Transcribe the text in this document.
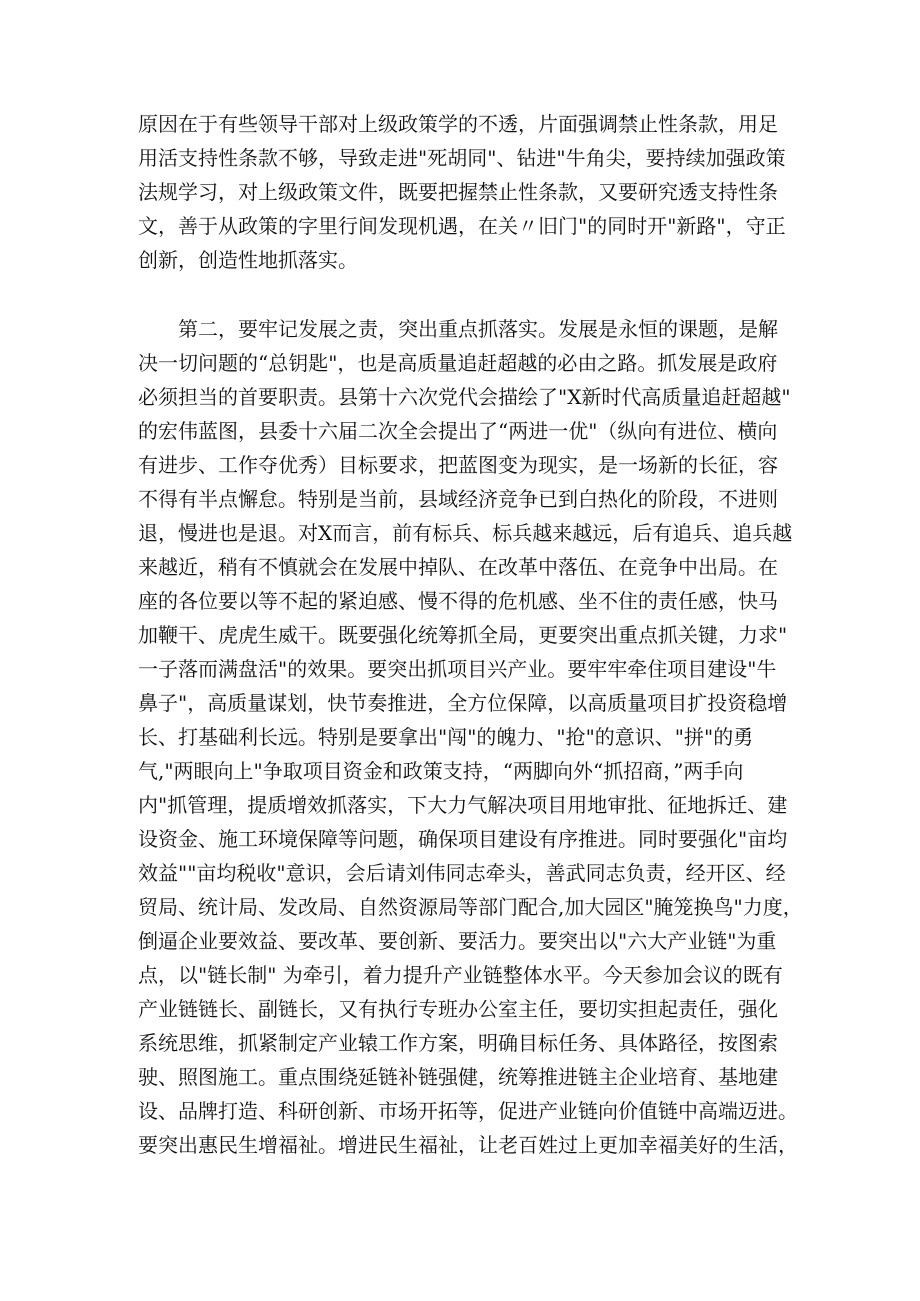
原因在于有些领导干部对上级政策学的不透，片面强调禁止性条款，用足
用活支持性条款不够，导致走进"死胡同"、钻进"牛角尖，要持续加强政策
法规学习，对上级政策文件，既要把握禁止性条款，又要研究透支持性条
文，善于从政策的字里行间发现机遇，在关〃旧门"的同时开"新路"，守正
创新，创造性地抓落实。
　　第二，要牢记发展之责，突出重点抓落实。发展是永恒的课题，是解
决一切问题的“总钥匙"，也是高质量追赶超越的必由之路。抓发展是政府
必须担当的首要职责。县第十六次党代会描绘了"X新时代高质量追赶超越"
的宏伟蓝图，县委十六届二次全会提出了“两进一优"（纵向有进位、横向
有进步、工作夺优秀）目标要求，把蓝图变为现实，是一场新的长征，容
不得有半点懈怠。特别是当前，县域经济竞争已到白热化的阶段，不进则
退，慢进也是退。对X而言，前有标兵、标兵越来越远，后有追兵、追兵越
来越近，稍有不慎就会在发展中掉队、在改革中落伍、在竞争中出局。在
座的各位要以等不起的紧迫感、慢不得的危机感、坐不住的责任感，快马
加鞭干、虎虎生威干。既要强化统筹抓全局，更要突出重点抓关键，力求"
一子落而满盘活"的效果。要突出抓项目兴产业。要牢牢牵住项目建设"牛
鼻子"，高质量谋划，快节奏推进，全方位保障，以高质量项目扩投资稳增
长、打基础利长远。特别是要拿出"闯"的魄力、"抢"的意识、"拼"的勇
气,"两眼向上"争取项目资金和政策支持，“两脚向外“抓招商，”两手向
内"抓管理，提质增效抓落实，下大力气解决项目用地审批、征地拆迁、建
设资金、施工环境保障等问题，确保项目建设有序推进。同时要强化"亩均
效益""亩均税收"意识，会后请刘伟同志牵头，善武同志负责，经开区、经
贸局、统计局、发改局、自然资源局等部门配合,加大园区"腌笼换鸟"力度，
倒逼企业要效益、要改革、要创新、要活力。要突出以"六大产业链"为重
点，以"链长制" 为牵引，着力提升产业链整体水平。今天参加会议的既有
产业链链长、副链长，又有执行专班办公室主任，要切实担起责任，强化
系统思维，抓紧制定产业辕工作方案，明确目标任务、具体路径，按图索
驶、照图施工。重点围绕延链补链强健，统筹推进链主企业培育、基地建
设、品牌打造、科研创新、市场开拓等，促进产业链向价值链中高端迈进。
要突出惠民生增福祉。增进民生福祉，让老百姓过上更加幸福美好的生活，
